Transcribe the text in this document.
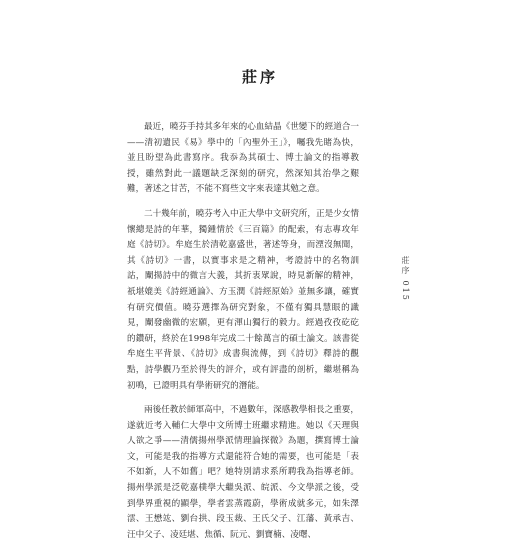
莊序

最近，曉芬手持其多年來的心血結晶《世變下的經道合一——清初遺民《易》學中的「內聖外王」》，囑我先睹為快，並且盼望為此書寫序。我忝為其碩士、博士論文的指導教授，雖然對此一議題缺乏深刻的研究，然深知其治學之艱難，著述之甘苦，不能不寫些文字來表達其勉之意。

二十幾年前，曉芬考入中正大學中文研究所，正是少女情懷總是詩的年華，獨鍾情於《三百篇》的配索，有志專攻年庭《詩切》。牟庭生於清乾嘉盛世，著述等身，而湮沒無聞，其《詩切》一書，以實事求是之精神，考證詩中的名物訓詁，闡揚詩中的微言大義，其折衷眾說，時見新解的精神，祇堪媲美《詩經通論》、方玉潤《詩經原始》並無多讓，確實有研究價值。曉芬選擇為研究對象，不僅有獨具慧眼的識見，闡發幽微的宏願，更有渾山獨行的毅力。經過孜孜矻矻的鑽研，終於在1998年完成二十餘萬言的碩士論文。該書從牟庭生平背景、《詩切》成書與流傳，到《詩切》釋詩的觀點，詩學觀乃至於得失的評介，或有評盡的剖析，繼堪稱為初鳴，已證明具有學術研究的潛能。

兩後任教於師軍高中，不過數年，深感教學相長之重要，遂就近考入輔仁大學中文所博士班繼求精進。她以《天理與人欲之爭——清儒揚州學派情理論探微》為題，撰寫博士論文，可能是我的指導方式還能符合她的需要，也可能是「表不如新，人不如舊」吧？她特別請求系所聘我為指導老師。揚州學派是泛乾嘉樸學大繼吳派、皖派、今文學派之後，受到學界重視的顯學，學者雲蒸霞蔚，學術成就多元，如朱澤澐、王懋竑、劉台拱、段玉裁、王氏父子、江藩、黃承吉、汪中父子、凌廷堪、焦循、阮元、劉寶楠、凌曙、

莊序 015
